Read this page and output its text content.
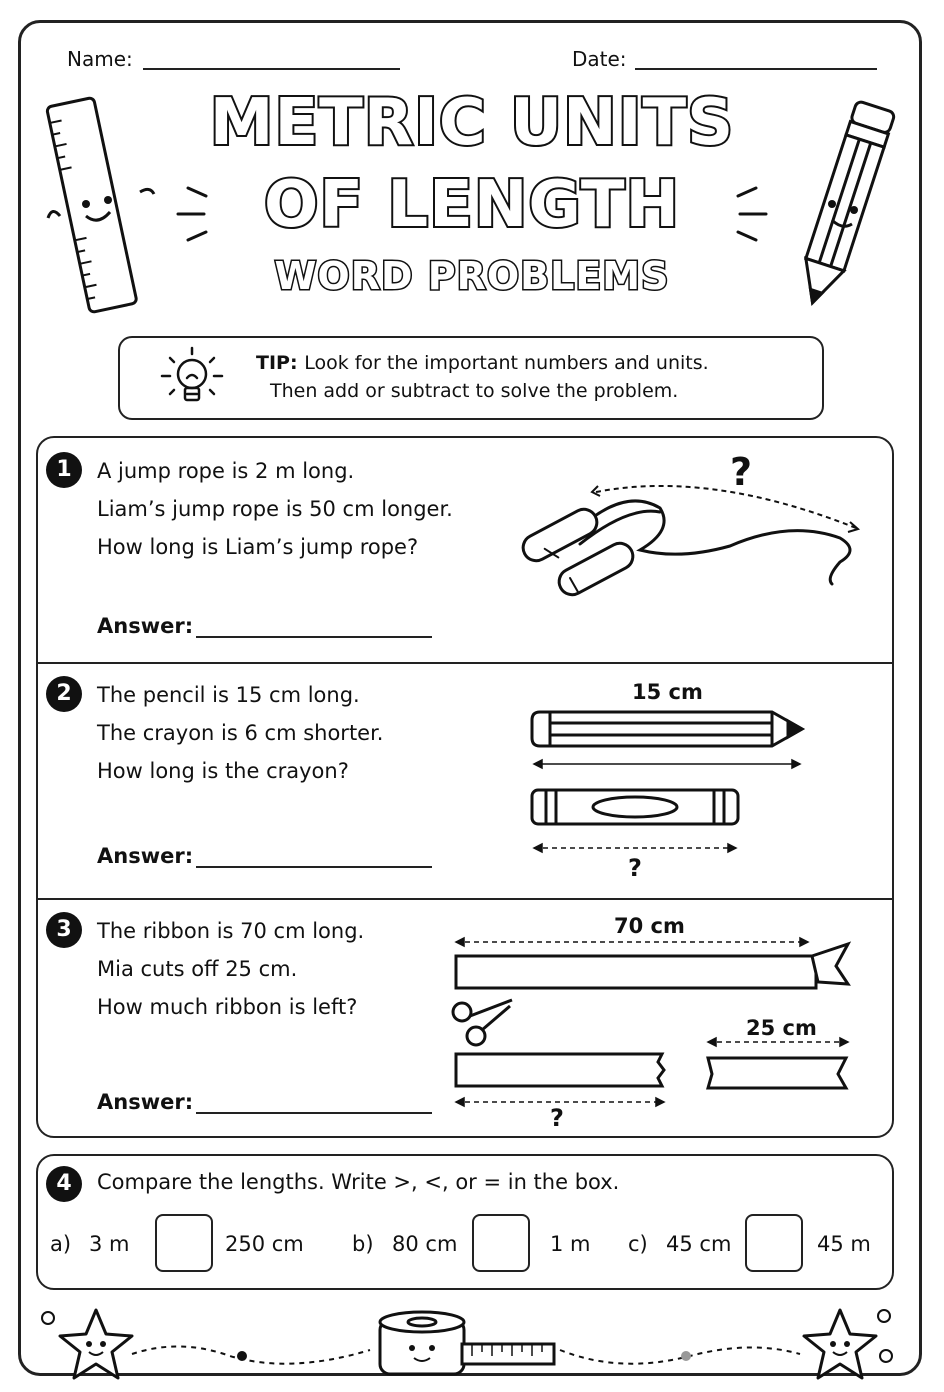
Name:	Date:
METRIC UNITS
OF LENGTH
WORD PROBLEMS
TIP: Look for the important numbers and units.
Then add or subtract to solve the problem.
1	A jump rope is 2 m long.
Liam’s jump rope is 50 cm longer.
How long is Liam’s jump rope?
Answer:
?
2	The pencil is 15 cm long.
The crayon is 6 cm shorter.
How long is the crayon?
Answer:
15 cm
?
3	The ribbon is 70 cm long.
Mia cuts off 25 cm.
How much ribbon is left?
Answer:
70 cm
25 cm
?
4	Compare the lengths. Write >, <, or = in the box.
a) 3 m	250 cm b) 80 cm	1 m c) 45 cm	45 m
